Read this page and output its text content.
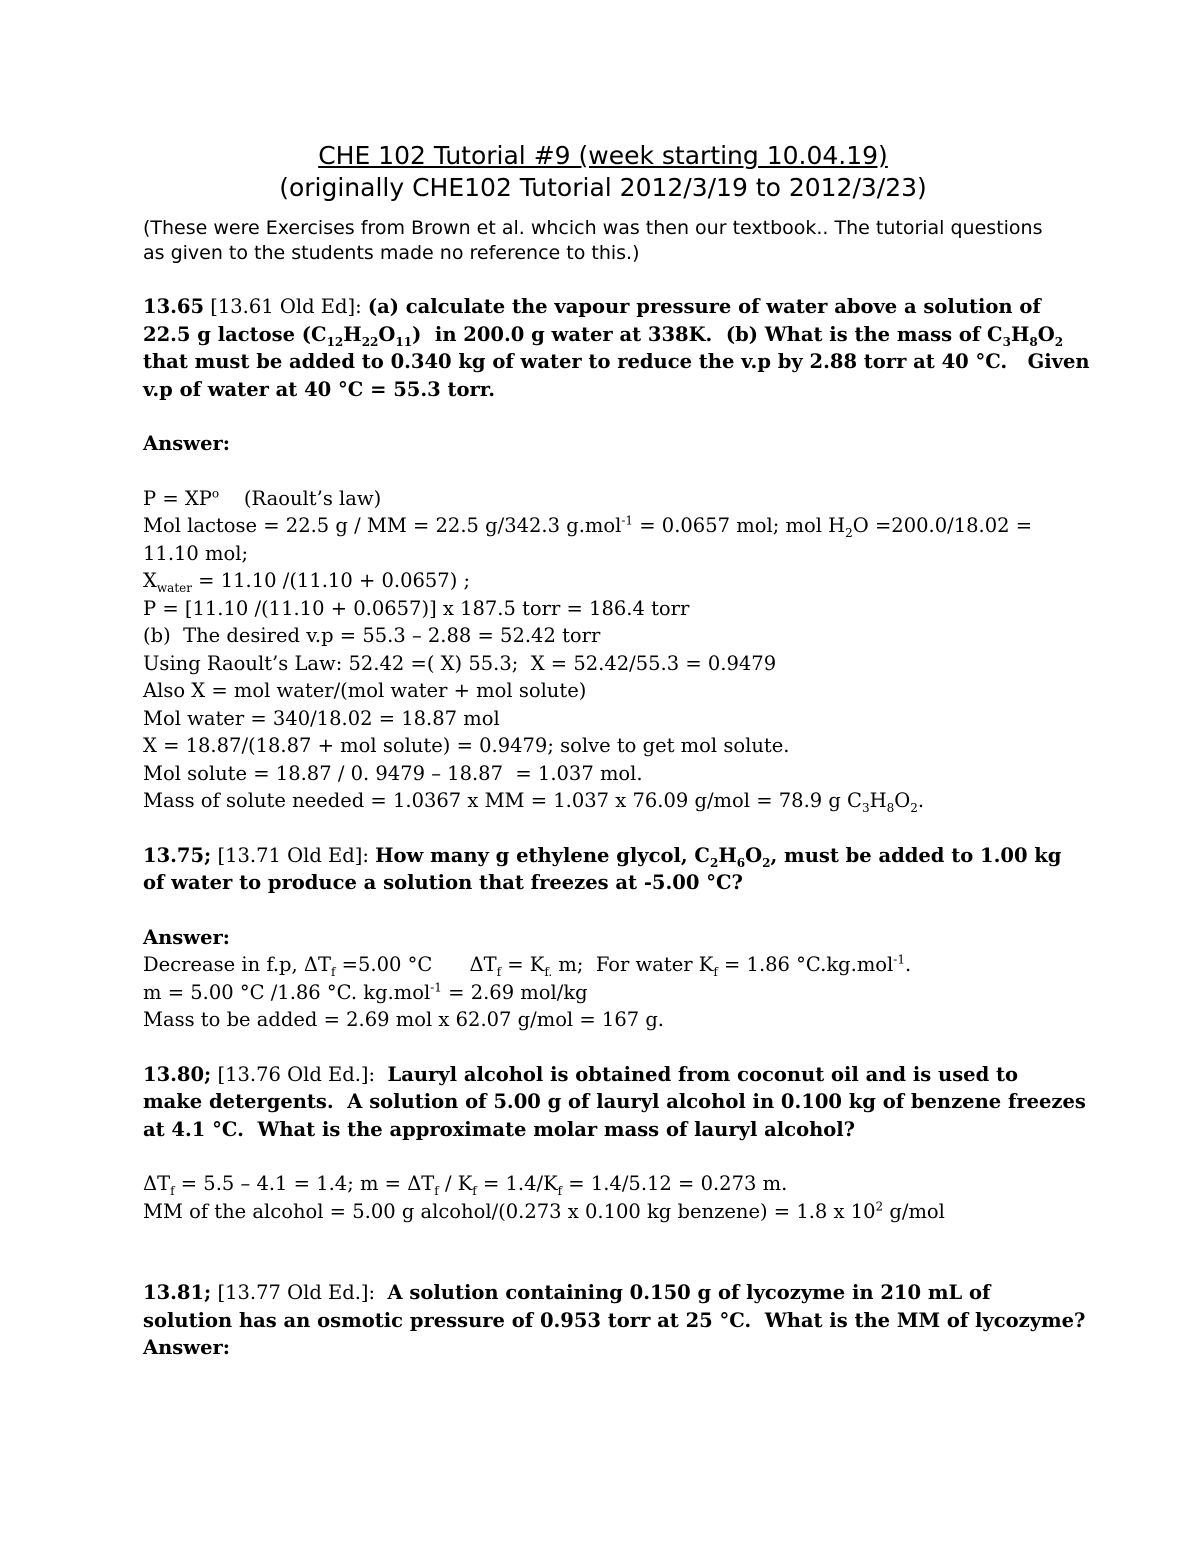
CHE 102 Tutorial #9 (week starting 10.04.19)
(originally CHE102 Tutorial 2012/3/19 to 2012/3/23)

(These were Exercises from Brown et al. whcich was then our textbook.. The tutorial questions as given to the students made no reference to this.)

13.65 [13.61 Old Ed]: (a) calculate the vapour pressure of water above a solution of
22.5 g lactose $(C_{12}H_{22}O_{11})$  in 200.0 g water at 338K.  (b) What is the mass of $C_3H_8O_2$
that must be added to 0.340 kg of water to reduce the v.p by 2.88 torr at 40 °C.   Given
v.p of water at 40 °C = 55.3 torr.

Answer:

$P = XP^o$    (Raoult’s law)
Mol lactose = 22.5 g / MM = 22.5 g/342.3 g.mol$^{-1}$ = 0.0657 mol; mol $H_2O =200.0/18.02$ =
11.10 mol;
$X_{water} = 11.10$ /(11.10 + 0.0657) ;
P = [11.10 /(11.10 + 0.0657)] x 187.5 torr = 186.4 torr
(b)  The desired v.p = 55.3 – 2.88 = 52.42 torr
Using Raoult’s Law: 52.42 =( X) 55.3;  X = 52.42/55.3 = 0.9479
Also X = mol water/(mol water + mol solute)
Mol water = 340/18.02 = 18.87 mol
X = 18.87/(18.87 + mol solute) = 0.9479; solve to get mol solute.
Mol solute = 18.87 / 0. 9479 – 18.87  = 1.037 mol.
Mass of solute needed = 1.0367 x MM = 1.037 x 76.09 g/mol = 78.9 g $C_3H_8O_2$.

13.75; [13.71 Old Ed]: How many g ethylene glycol, $C_2H_6O_2$, must be added to 1.00 kg
of water to produce a solution that freezes at -5.00 °C?

Answer:

Decrease in f.p, $\Delta T_f =5.00$ °C      $\Delta T_f = K_{f.}$ m;  For water $K_f = 1.86$ °C.kg.mol$^{-1}$.
m = 5.00 °C /1.86 °C. kg.mol$^{-1}$ = 2.69 mol/kg
Mass to be added = 2.69 mol x 62.07 g/mol = 167 g.

13.80; [13.76 Old Ed.]:  Lauryl alcohol is obtained from coconut oil and is used to
make detergents.  A solution of 5.00 g of lauryl alcohol in 0.100 kg of benzene freezes
at 4.1 °C.  What is the approximate molar mass of lauryl alcohol?

$\Delta T_f = 5.5 - 4.1 = 1.4$; $m = \Delta T_f / K_f = 1.4/K_f = 1.4/5.12 = 0.273$ m.
MM of the alcohol = 5.00 g alcohol/(0.273 x 0.100 kg benzene) = 1.8 x $10^2$ g/mol

13.81; [13.77 Old Ed.]:  A solution containing 0.150 g of lycozyme in 210 mL of
solution has an osmotic pressure of 0.953 torr at 25 °C.  What is the MM of lycozyme?
Answer:
